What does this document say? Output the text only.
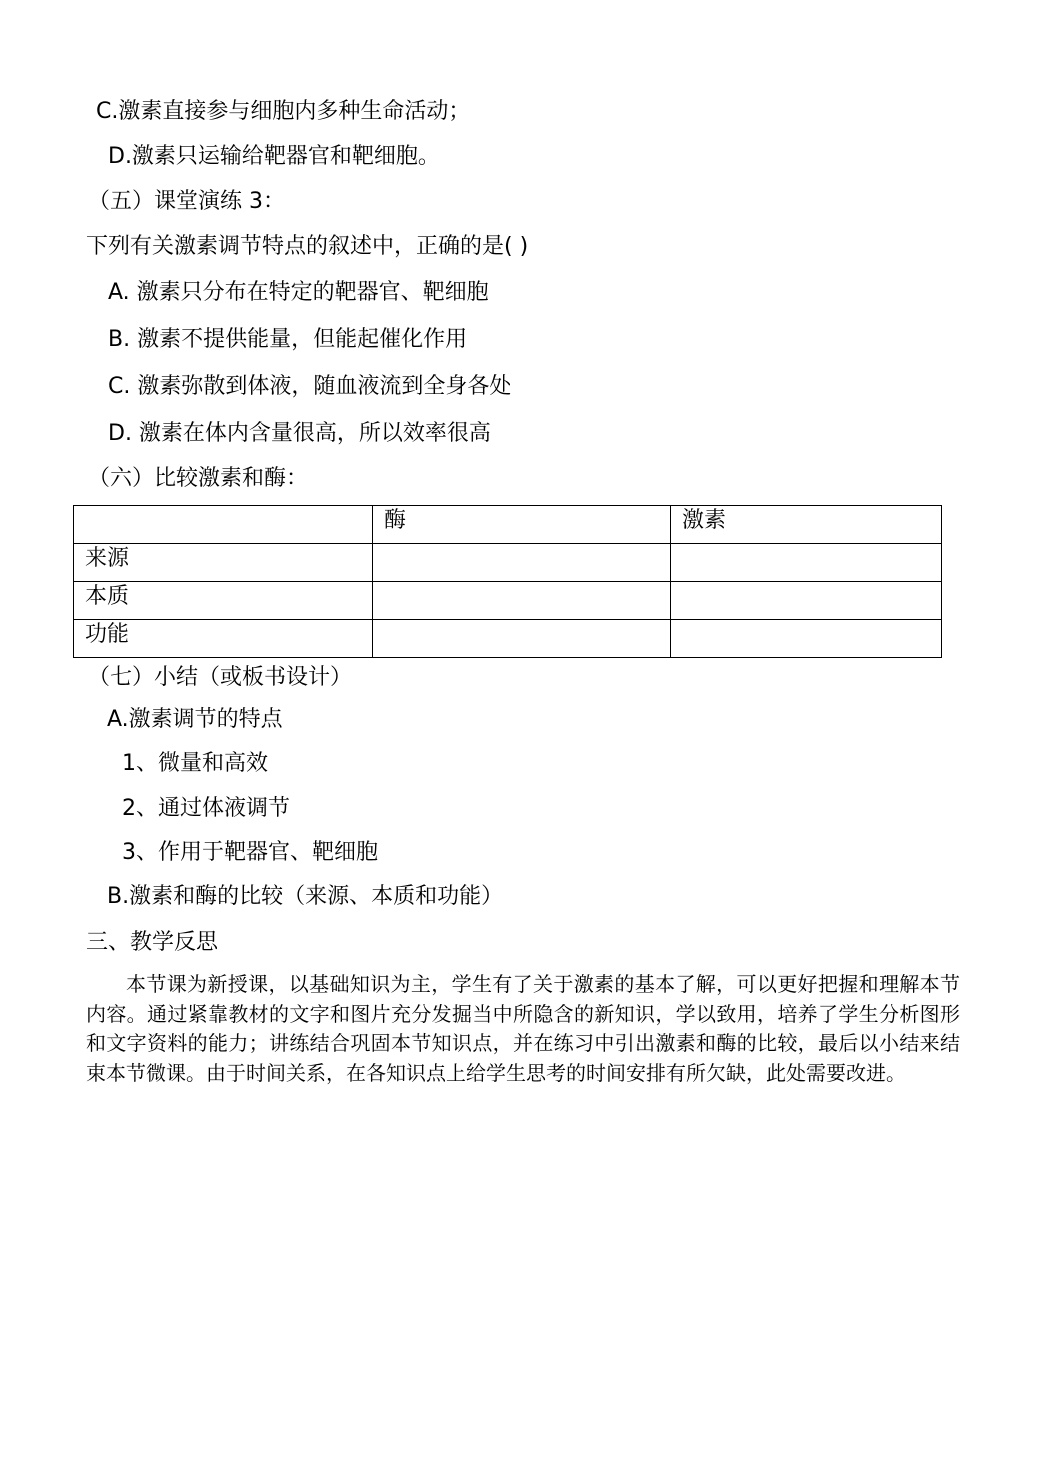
C.激素直接参与细胞内多种生命活动；
D.激素只运输给靶器官和靶细胞。
（五）课堂演练 3：
下列有关激素调节特点的叙述中，正确的是( )
A. 激素只分布在特定的靶器官、靶细胞
B. 激素不提供能量，但能起催化作用
C. 激素弥散到体液，随血液流到全身各处
D. 激素在体内含量很高，所以效率很高
（六）比较激素和酶：
	酶	激素
来源		
本质		
功能		
（七）小结（或板书设计）
A.激素调节的特点
1、微量和高效
2、通过体液调节
3、作用于靶器官、靶细胞
B.激素和酶的比较（来源、本质和功能）
三、教学反思

本节课为新授课，以基础知识为主，学生有了关于激素的基本了解，可以更好把握和理解本节内容。通过紧靠教材的文字和图片充分发掘当中所隐含的新知识，学以致用，培养了学生分析图形和文字资料的能力；讲练结合巩固本节知识点，并在练习中引出激素和酶的比较，最后以小结来结束本节微课。由于时间关系，在各知识点上给学生思考的时间安排有所欠缺，此处需要改进。
